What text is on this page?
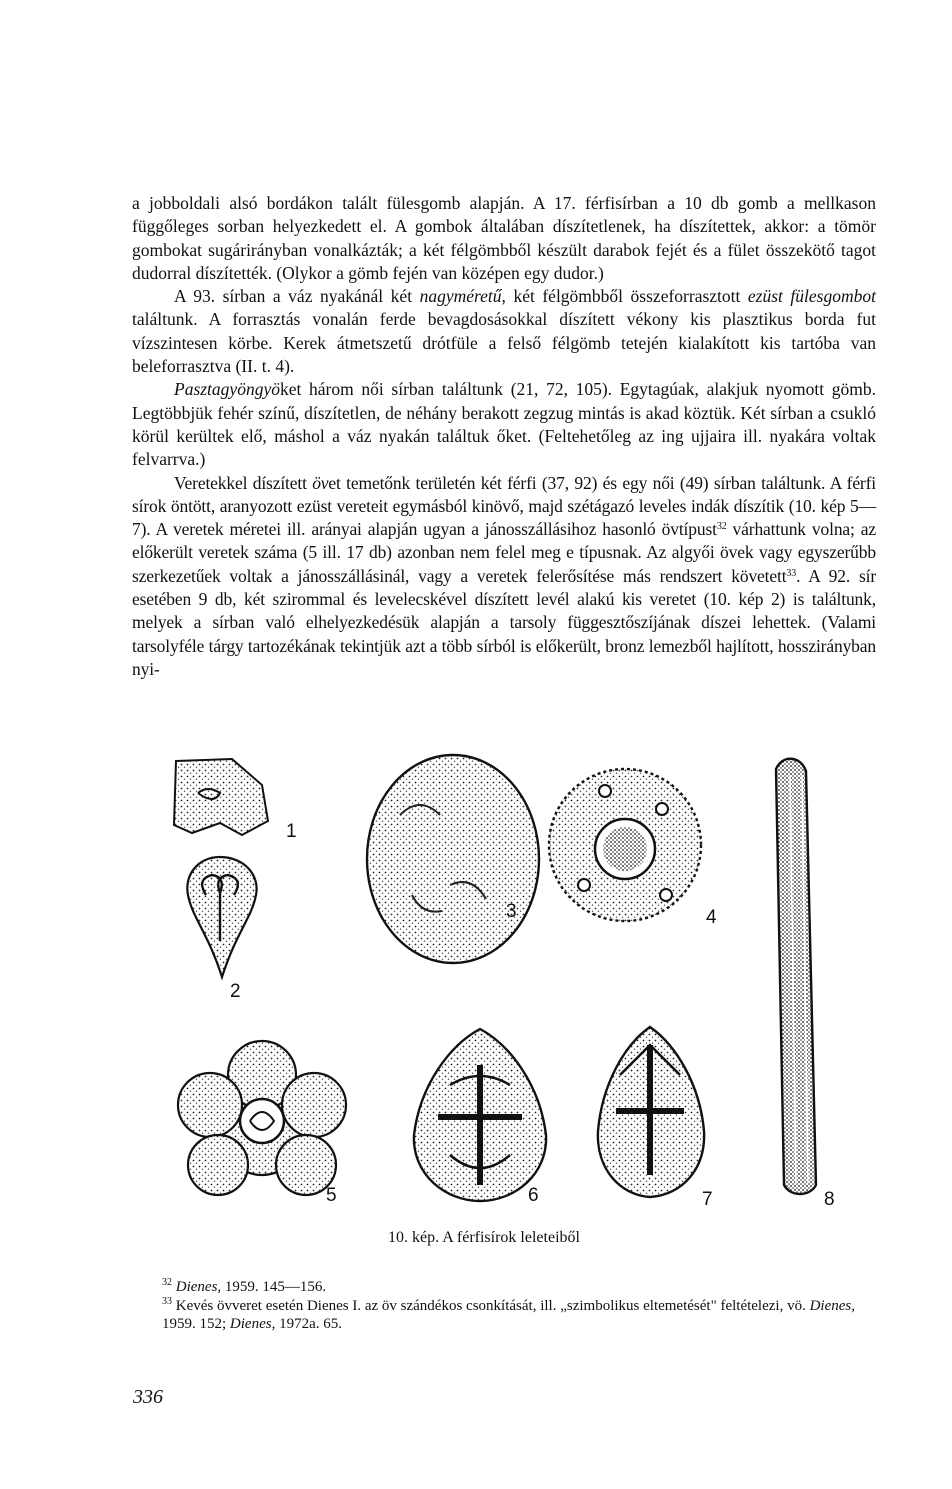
a jobboldali alsó bordákon talált fülesgomb alapján. A 17. férfisírban a 10 db gomb a mellkason függőleges sorban helyezkedett el. A gombok általában díszítetlenek, ha díszítettek, akkor: a tömör gombokat sugárirányban vonalkázták; a két félgömbből készült darabok fejét és a fület összekötő tagot dudorral díszítették. (Olykor a gömb fején van középen egy dudor.)

A 93. sírban a váz nyakánál két nagyméretű, két félgömbből összeforrasztott ezüst fülesgombot találtunk. A forrasztás vonalán ferde bevagdosásokkal díszített vékony kis plasztikus borda fut vízszintesen körbe. Kerek átmetszetű drótfüle a felső félgömb tetején kialakított kis tartóba van beleforrasztva (II. t. 4).

Pasztagyöngyöket három női sírban találtunk (21, 72, 105). Egytagúak, alakjuk nyomott gömb. Legtöbbjük fehér színű, díszítetlen, de néhány berakott zegzug mintás is akad köztük. Két sírban a csukló körül kerültek elő, máshol a váz nyakán találtuk őket. (Feltehetőleg az ing ujjaira ill. nyakára voltak felvarrva.)

Veretekkel díszített övet temetőnk területén két férfi (37, 92) és egy női (49) sírban találtunk. A férfi sírok öntött, aranyozott ezüst vereteit egymásból kinövő, majd szétágazó leveles indák díszítik (10. kép 5—7). A veretek méretei ill. arányai alapján ugyan a jánosszállásihoz hasonló övtípust$^{32}$ várhattunk volna; az előkerült veretek száma (5 ill. 17 db) azonban nem felel meg e típusnak. Az algyői övek vagy egyszerűbb szerkezetűek voltak a jánosszállásinál, vagy a veretek felerősítése más rendszert követett$^{33}$. A 92. sír esetében 9 db, két szirommal és levelecskével díszített levél alakú kis veretet (10. kép 2) is találtunk, melyek a sírban való elhelyezkedésük alapján a tarsoly függesztőszíjának díszei lehettek. (Valami tarsolyféle tárgy tartozékának tekintjük azt a több sírból is előkerült, bronz lemezből hajlított, hosszirányban nyi-

1
2
3	4
5	6	7	8
10. kép. A férfisírok leleteiből

$^{32}$ Dienes, 1959. 145—156.

$^{33}$ Kevés övveret esetén Dienes I. az öv szándékos csonkítását, ill. „szimbolikus eltemetését" feltételezi, vö. Dienes, 1959. 152; Dienes, 1972a. 65.

336
